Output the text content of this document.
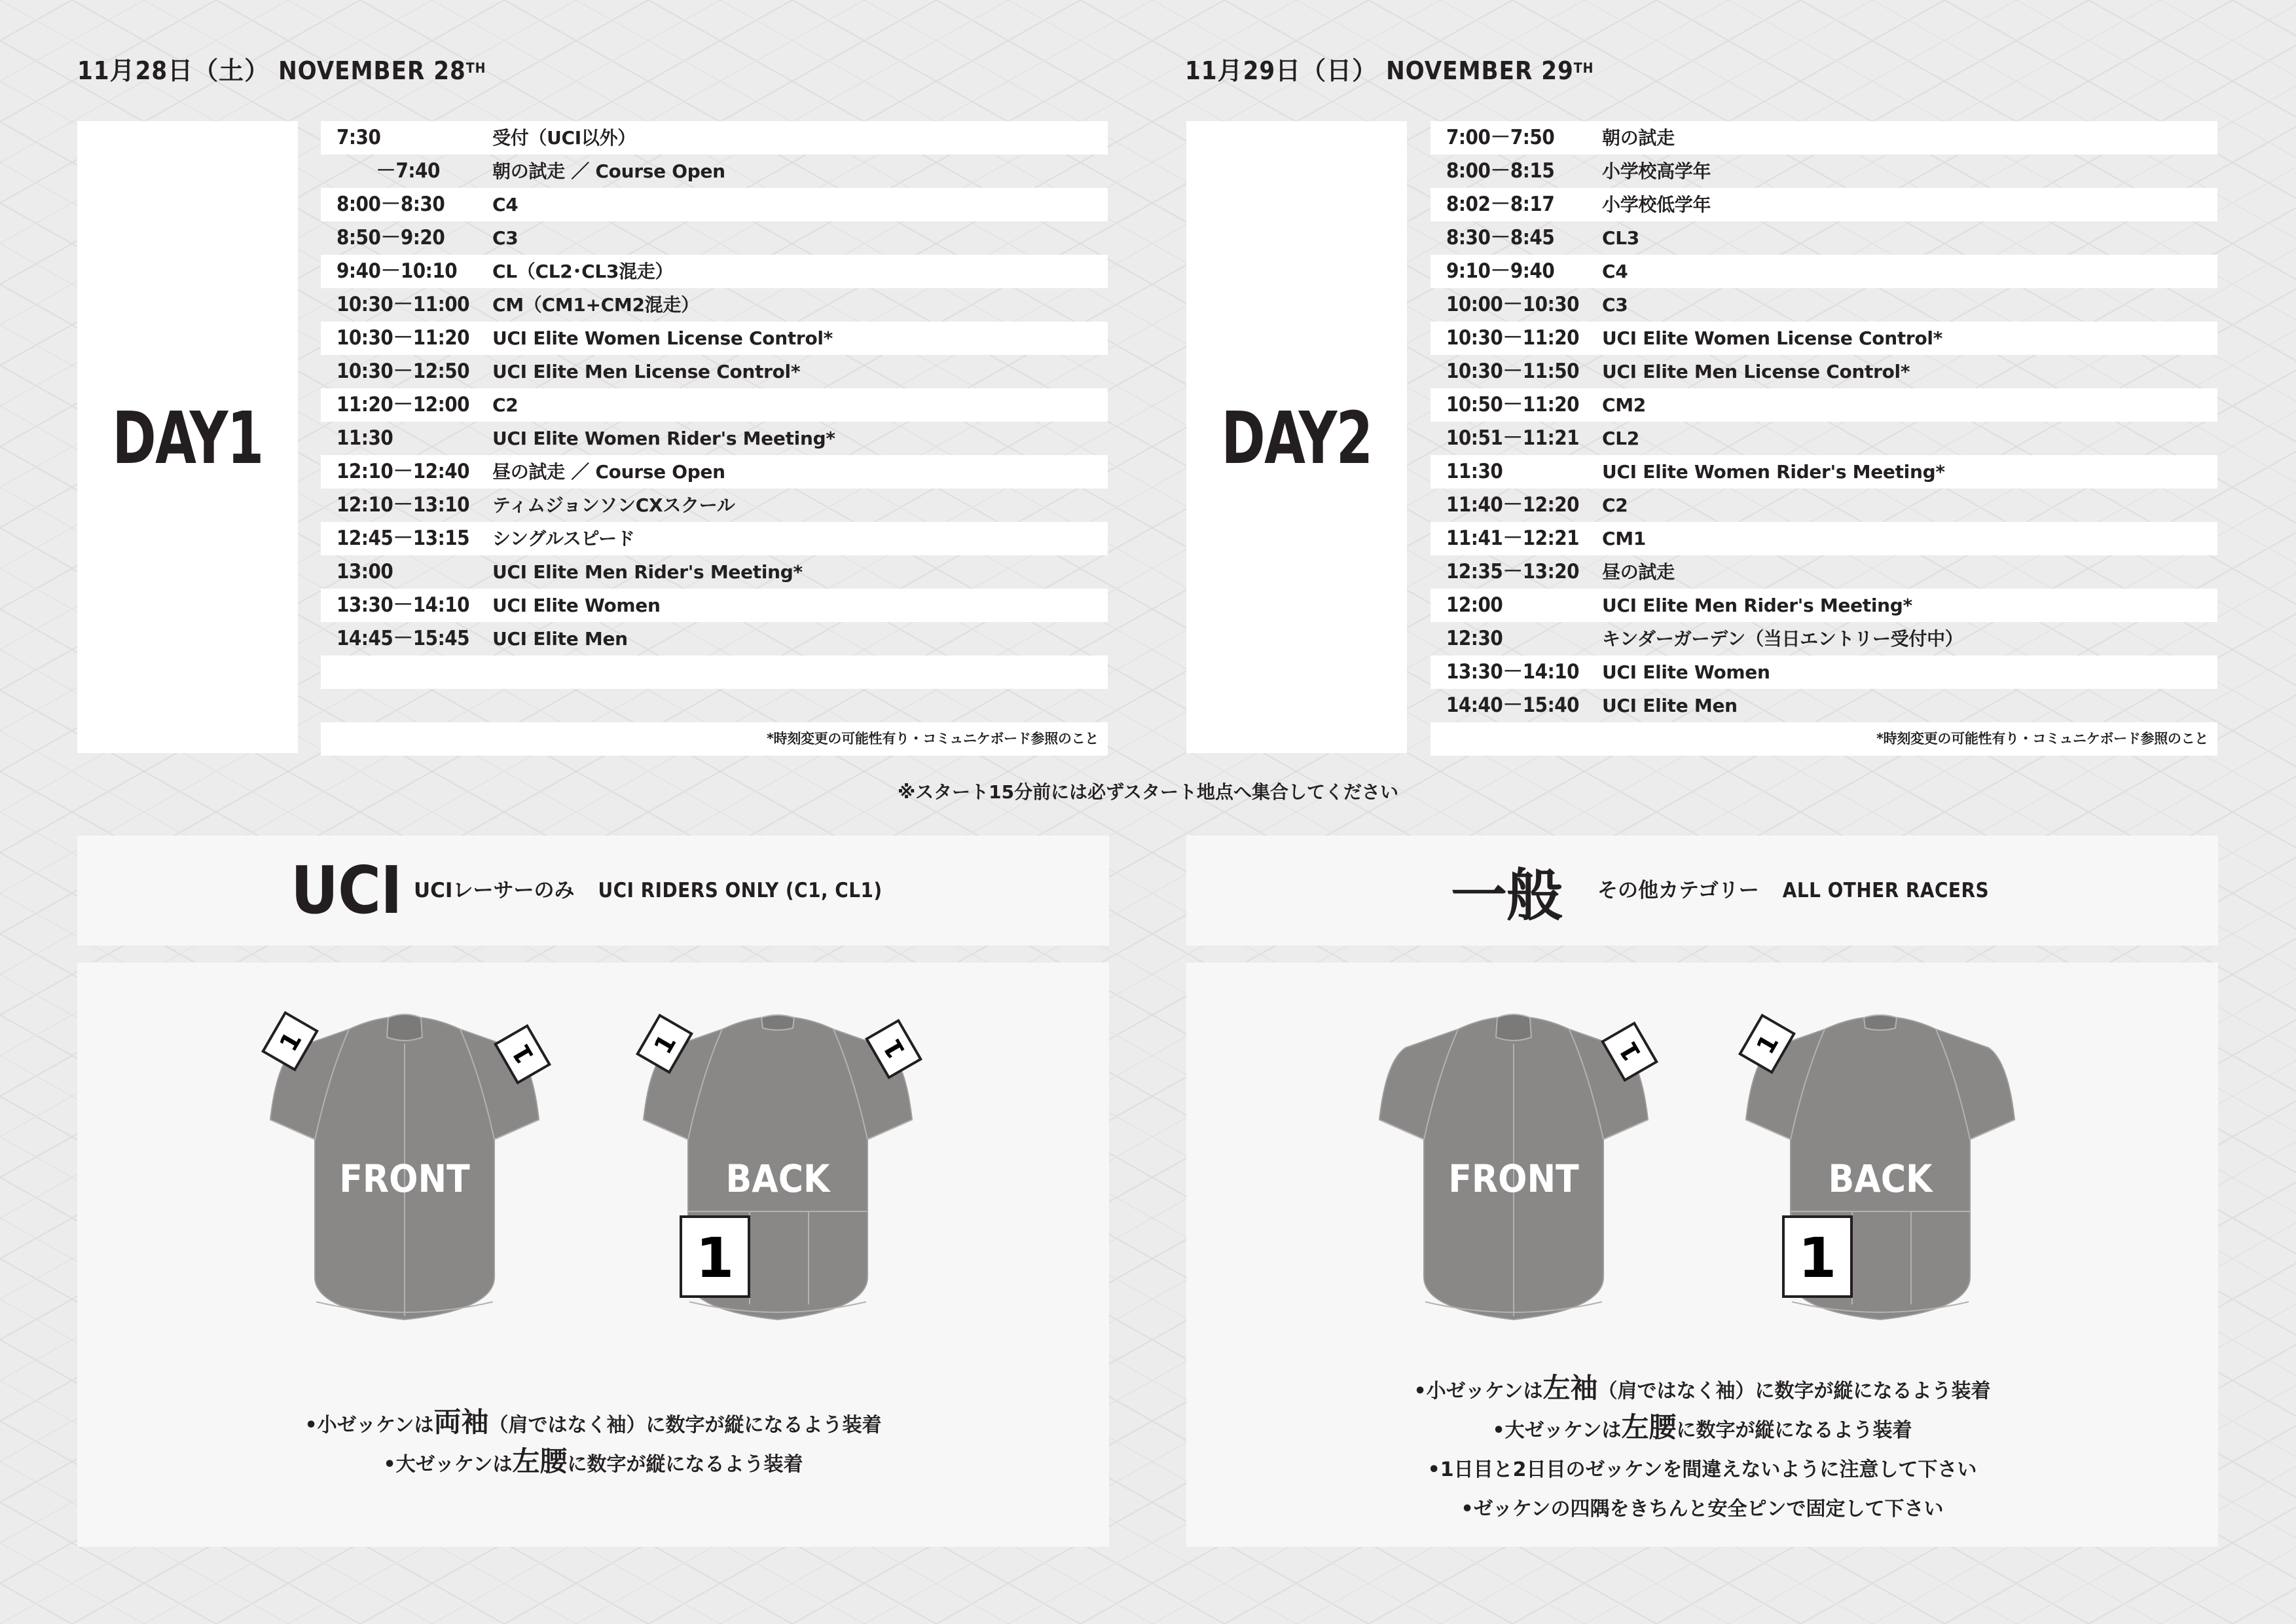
11月28日（土） NOVEMBER 28TH
DAY1
7:30	受付（UCI以外）
－7:40	朝の試走 ／ Course Open
8:00－8:30	C4
8:50－9:20	C3
9:40－10:10	CL（CL2･CL3混走）
10:30－11:00	CM（CM1+CM2混走）
10:30－11:20	UCI Elite Women License Control*
10:30－12:50	UCI Elite Men License Control*
11:20－12:00	C2
11:30	UCI Elite Women Rider's Meeting*
12:10－12:40	昼の試走 ／ Course Open
12:10－13:10	ティムジョンソンCXスクール
12:45－13:15	シングルスピード
13:00	UCI Elite Men Rider's Meeting*
13:30－14:10	UCI Elite Women
14:45－15:45	UCI Elite Men
*時刻変更の可能性有り・コミュニケボード参照のこと
11月29日（日） NOVEMBER 29TH
DAY2
7:00－7:50	朝の試走
8:00－8:15	小学校高学年
8:02－8:17	小学校低学年
8:30－8:45	CL3
9:10－9:40	C4
10:00－10:30	C3
10:30－11:20	UCI Elite Women License Control*
10:30－11:50	UCI Elite Men License Control*
10:50－11:20	CM2
10:51－11:21	CL2
11:30	UCI Elite Women Rider's Meeting*
11:40－12:20	C2
11:41－12:21	CM1
12:35－13:20	昼の試走
12:00	UCI Elite Men Rider's Meeting*
12:30	キンダーガーデン（当日エントリー受付中）
13:30－14:10	UCI Elite Women
14:40－15:40	UCI Elite Men
*時刻変更の可能性有り・コミュニケボード参照のこと
※スタート15分前には必ずスタート地点へ集合してください
UCI UCIレーサーのみ UCI RIDERS ONLY (C1, CL1)
1	1
FRONT
1	1
BACK
1
•小ゼッケンは両袖（肩ではなく袖）に数字が縦になるよう装着
•大ゼッケンは左腰に数字が縦になるよう装着
一般 その他カテゴリー ALL OTHER RACERS
1
FRONT
1
BACK
1
•小ゼッケンは左袖（肩ではなく袖）に数字が縦になるよう装着
•大ゼッケンは左腰に数字が縦になるよう装着
•1日目と2日目のゼッケンを間違えないように注意して下さい
•ゼッケンの四隅をきちんと安全ピンで固定して下さい
